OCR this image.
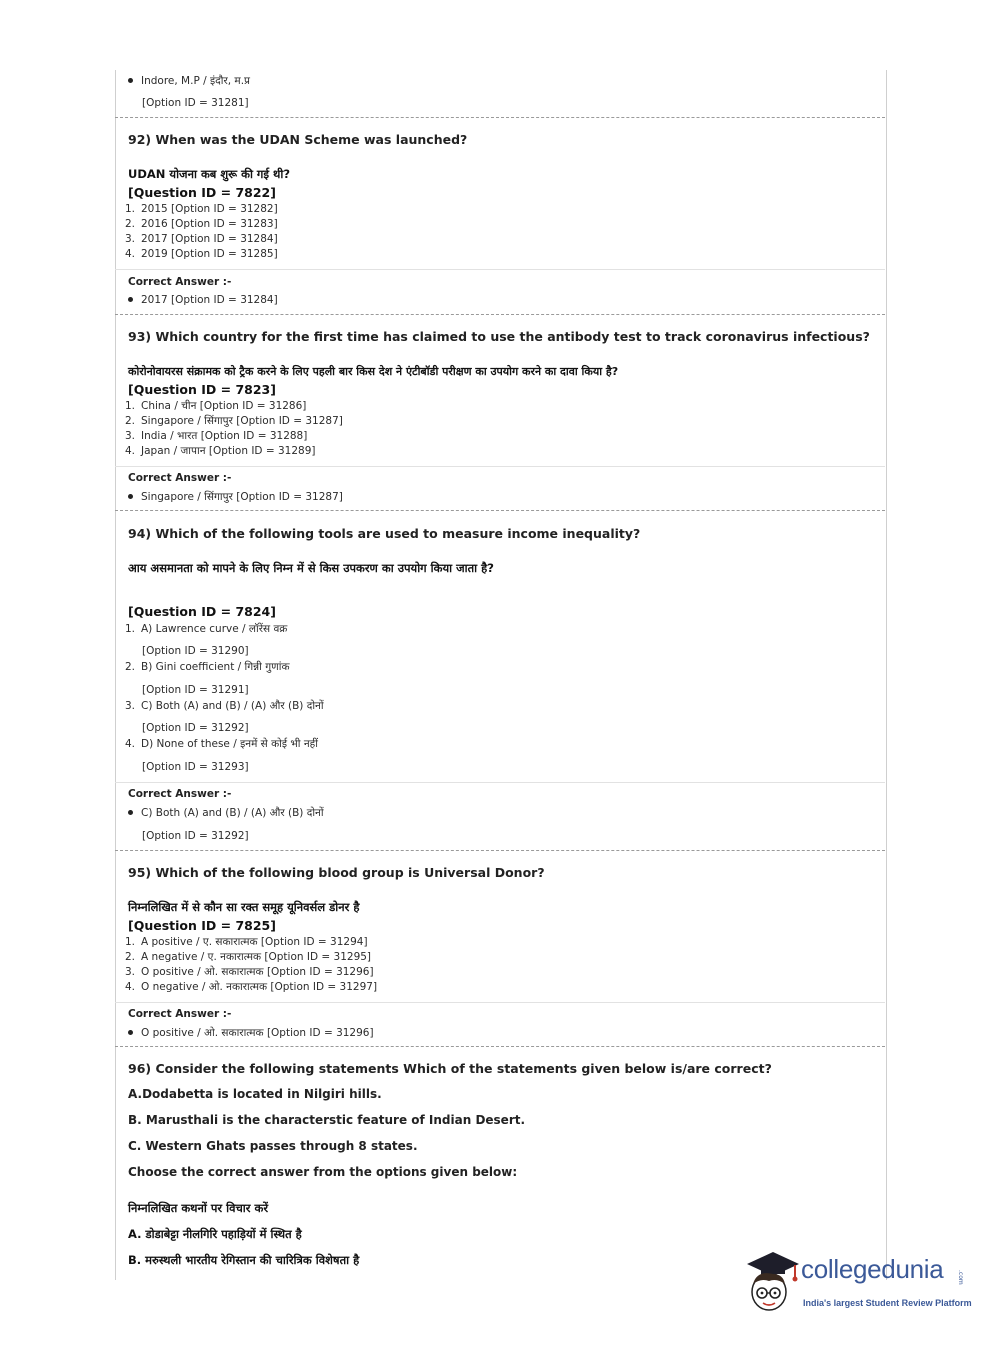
Indore, M.P / इंदौर, म.प्र
[Option ID = 31281]
92) When was the UDAN Scheme was launched?
UDAN योजना कब शुरू की गई थी?
[Question ID = 7822]
1. 2015 [Option ID = 31282]
2. 2016 [Option ID = 31283]
3. 2017 [Option ID = 31284]
4. 2019 [Option ID = 31285]
Correct Answer :-
2017 [Option ID = 31284]
93) Which country for the first time has claimed to use the antibody test to track coronavirus infectious?
कोरोनोवायरस संक्रामक को ट्रैक करने के लिए पहली बार किस देश ने एंटीबॉडी परीक्षण का उपयोग करने का दावा किया है?
[Question ID = 7823]
1. China / चीन [Option ID = 31286]
2. Singapore / सिंगापुर [Option ID = 31287]
3. India / भारत [Option ID = 31288]
4. Japan / जापान [Option ID = 31289]
Correct Answer :-
Singapore / सिंगापुर [Option ID = 31287]
94) Which of the following tools are used to measure income inequality?
आय असमानता को मापने के लिए निम्न में से किस उपकरण का उपयोग किया जाता है?
[Question ID = 7824]
1. A) Lawrence curve / लॉरेंस वक्र
[Option ID = 31290]
2. B) Gini coefficient / गिन्नी गुणांक
[Option ID = 31291]
3. C) Both (A) and (B) / (A) और (B) दोनों
[Option ID = 31292]
4. D) None of these / इनमें से कोई भी नहीं
[Option ID = 31293]
Correct Answer :-
C) Both (A) and (B) / (A) और (B) दोनों
[Option ID = 31292]
95) Which of the following blood group is Universal Donor?
निम्नलिखित में से कौन सा रक्त समूह यूनिवर्सल डोनर है
[Question ID = 7825]
1. A positive / ए. सकारात्मक [Option ID = 31294]
2. A negative / ए. नकारात्मक [Option ID = 31295]
3. O positive / ओ. सकारात्मक [Option ID = 31296]
4. O negative / ओ. नकारात्मक [Option ID = 31297]
Correct Answer :-
O positive / ओ. सकारात्मक [Option ID = 31296]
96) Consider the following statements Which of the statements given below is/are correct?
A.Dodabetta is located in Nilgiri hills.
B. Marusthali is the characterstic feature of Indian Desert.
C. Western Ghats passes through 8 states.
Choose the correct answer from the options given below:
निम्नलिखित कथनों पर विचार करें
A. डोडाबेट्टा नीलगिरि पहाड़ियों में स्थित है
B. मरुस्थली भारतीय रेगिस्तान की चारित्रिक विशेषता है	collegedunia .com
India's largest Student Review Platform
